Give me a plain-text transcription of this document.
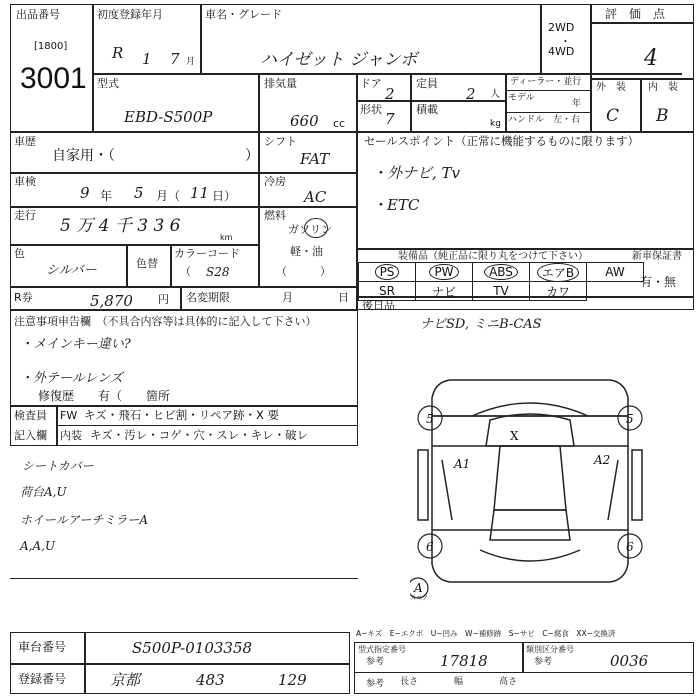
出品番号
[1800]
3001
初度登録年月
R 1 7 月
車名・グレード
ハイゼット ジャンボ
2WD
・
4WD
評　価　点
4
外　装 内　装
C B
型式
EBD-S500P
排気量
660 cc
ドア
2
形状
7
定員
2 人
積載
kg
ディーラー・並行
モデル
年
ハンドル　左・右
車歴
自家用・（	）
シフト
FAT
車検
9 年 5 月（ 11 日）
冷房
AC
走行
5 万 4 千 3 3 6
km
燃料
ガソリン
軽・油
（　　　）
色
シルバー	色替
カラーコード
（ S28
セールスポイント（正常に機能するものに限ります）
・外ナビ, Tv
・ETC
装備品（純正品に限り丸をつけて下さい）	新車保証書
有・無
PS	PW	ABS	エアB	AW
SR	ナビ	TV	カワ
R券	5,870 円 名変期限	月	日
注意事項申告欄　（不具合内容等は具体的に記入して下さい）
・メインキー違い?
・外テールレンズ
修復歴　　有（　　箇所
後日品
ナビSD, ミニB-CAS
検査員
記入欄
FW キズ・飛石・ヒビ割・リペア跡・X 要
内装 キズ・汚レ・コゲ・穴・スレ・キレ・破レ
シートカバー
荷台A,U
ホイールアーチミラーA
A,A,U
5	5
6	6
A1	A2
X
A
スペア
車台番号	S500P-0103358
登録番号	京都	483	129
A−キズ　E−エクボ　U−凹み　W−補修跡　S−サビ　C−腐食　XX−交換済
型式指定番号
参考	17818
類別区分番号
参考	0036
参考 長さ　　　　幅　　　　高さ
